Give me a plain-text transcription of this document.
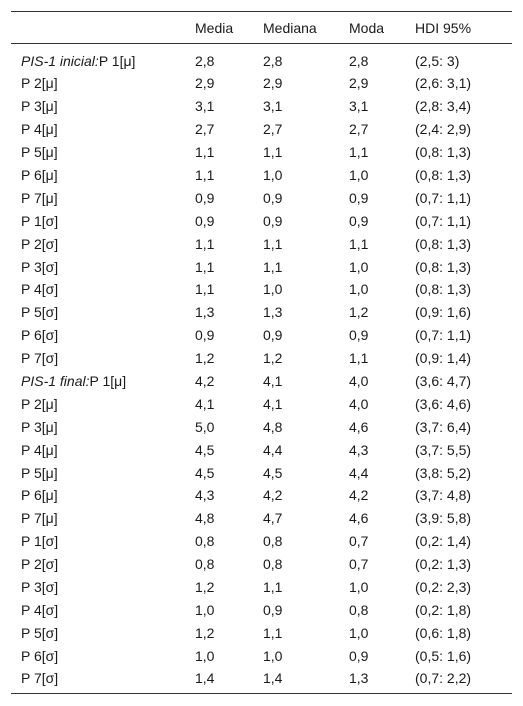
	Media	Mediana	Moda	HDI 95%
PIS-1 inicial:P 1[μ]	2,8	2,8	2,8	(2,5: 3)
P 2[μ]	2,9	2,9	2,9	(2,6: 3,1)
P 3[μ]	3,1	3,1	3,1	(2,8: 3,4)
P 4[μ]	2,7	2,7	2,7	(2,4: 2,9)
P 5[μ]	1,1	1,1	1,1	(0,8: 1,3)
P 6[μ]	1,1	1,0	1,0	(0,8: 1,3)
P 7[μ]	0,9	0,9	0,9	(0,7: 1,1)
P 1[σ]	0,9	0,9	0,9	(0,7: 1,1)
P 2[σ]	1,1	1,1	1,1	(0,8: 1,3)
P 3[σ]	1,1	1,1	1,0	(0,8: 1,3)
P 4[σ]	1,1	1,0	1,0	(0,8: 1,3)
P 5[σ]	1,3	1,3	1,2	(0,9: 1,6)
P 6[σ]	0,9	0,9	0,9	(0,7: 1,1)
P 7[σ]	1,2	1,2	1,1	(0,9: 1,4)
PIS-1 final:P 1[μ]	4,2	4,1	4,0	(3,6: 4,7)
P 2[μ]	4,1	4,1	4,0	(3,6: 4,6)
P 3[μ]	5,0	4,8	4,6	(3,7: 6,4)
P 4[μ]	4,5	4,4	4,3	(3,7: 5,5)
P 5[μ]	4,5	4,5	4,4	(3,8: 5,2)
P 6[μ]	4,3	4,2	4,2	(3,7: 4,8)
P 7[μ]	4,8	4,7	4,6	(3,9: 5,8)
P 1[σ]	0,8	0,8	0,7	(0,2: 1,4)
P 2[σ]	0,8	0,8	0,7	(0,2: 1,3)
P 3[σ]	1,2	1,1	1,0	(0,2: 2,3)
P 4[σ]	1,0	0,9	0,8	(0,2: 1,8)
P 5[σ]	1,2	1,1	1,0	(0,6: 1,8)
P 6[σ]	1,0	1,0	0,9	(0,5: 1,6)
P 7[σ]	1,4	1,4	1,3	(0,7: 2,2)
